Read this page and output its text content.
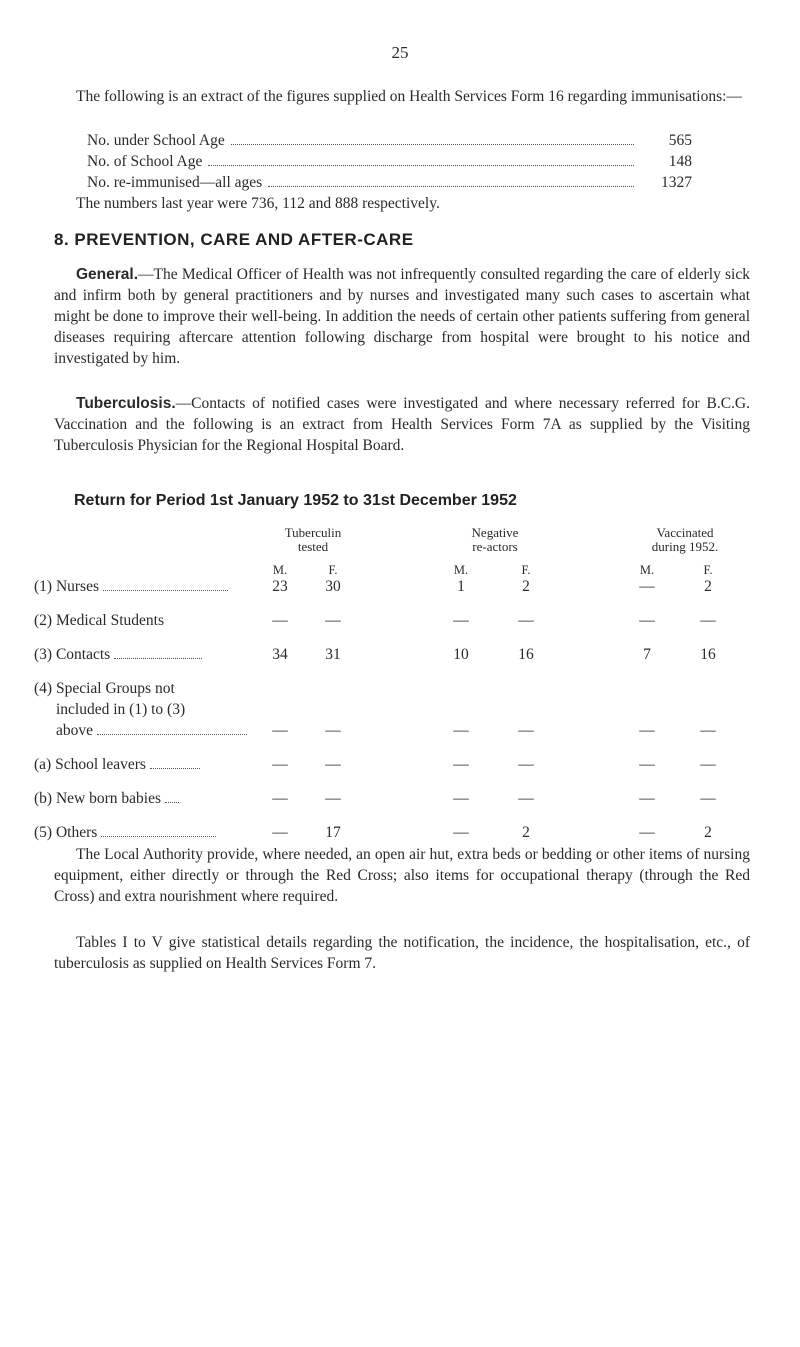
25

The following is an extract of the figures supplied on Health Services Form 16 regarding immunisations:—

No. under School Age	565
No. of School Age	148
No. re-immunised—all ages	1327

The numbers last year were 736, 112 and 888 respectively.

8. PREVENTION, CARE AND AFTER-CARE

General.—The Medical Officer of Health was not infrequently consulted regarding the care of elderly sick and infirm both by general practitioners and by nurses and investigated many such cases to ascertain what might be done to improve their well-being. In addition the needs of certain other patients suffering from general diseases requiring aftercare attention following discharge from hospital were brought to his notice and investigated by him.

Tuberculosis.—Contacts of notified cases were investigated and where necessary referred for B.C.G. Vaccination and the following is an extract from Health Services Form 7A as supplied by the Visiting Tuberculosis Physician for the Regional Hospital Board.

Return for Period 1st January 1952 to 31st December 1952
Tuberculin
tested
Negative
re-actors
Vaccinated
during 1952.
M.	F.	M.	F.	M.	F.
(1) Nurses	23	30	1	2	—	2
(2) Medical Students	—	—	—	—	—	—
(3) Contacts	34	31	10	16	7	16
(4) Special Groups not
included in (1) to (3)
above	—	—	—	—	—	—
(a) School leavers	—	—	—	—	—	—
(b) New born babies	—	—	—	—	—	—
(5) Others	—	17	—	2	—	2

The Local Authority provide, where needed, an open air hut, extra beds or bedding or other items of nursing equipment, either directly or through the Red Cross; also items for occupational therapy (through the Red Cross) and extra nourishment where required.

Tables I to V give statistical details regarding the notification, the incidence, the hospitalisation, etc., of tuberculosis as supplied on Health Services Form 7.
